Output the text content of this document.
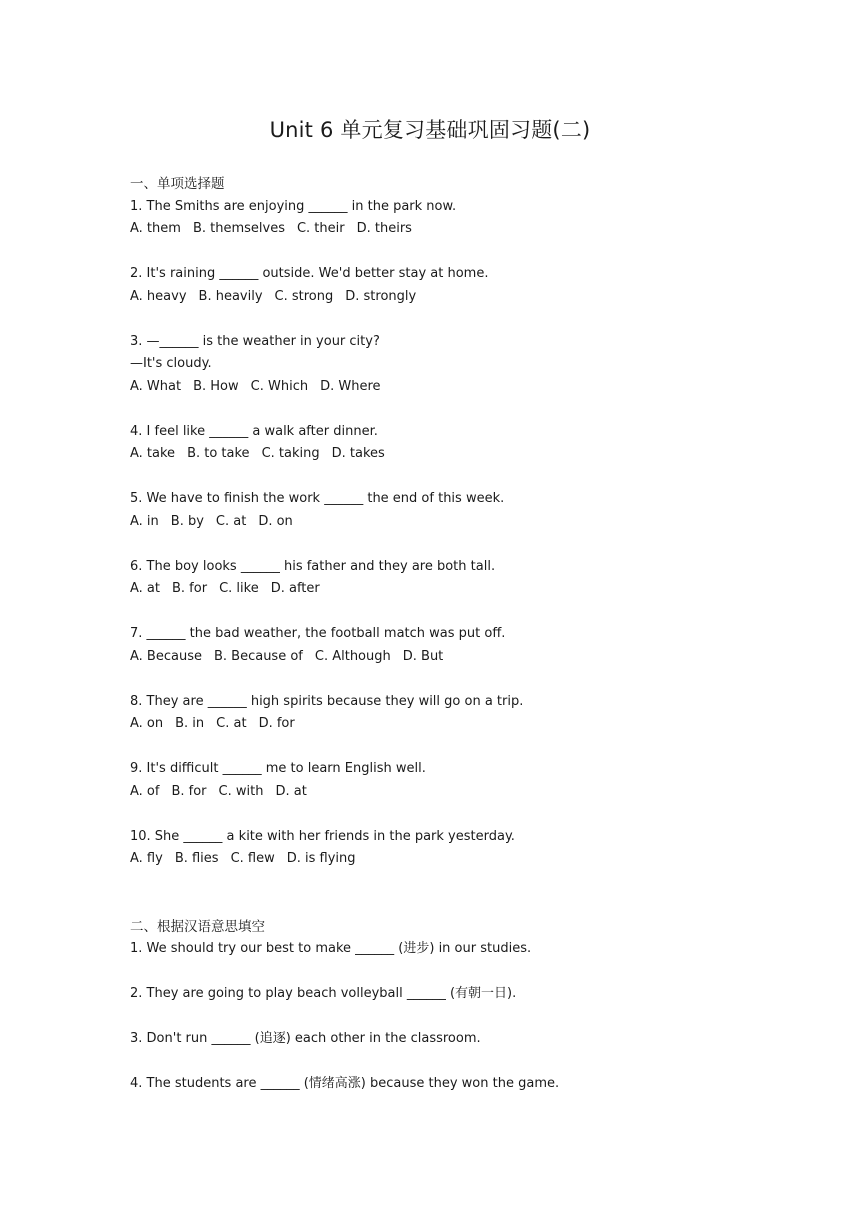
Unit 6 单元复习基础巩固习题(二)
一、单项选择题
1. The Smiths are enjoying ______ in the park now.
A. them B. themselves C. their D. theirs
2. It's raining ______ outside. We'd better stay at home.
A. heavy B. heavily C. strong D. strongly
3. —______ is the weather in your city?
—It's cloudy.
A. What B. How C. Which D. Where
4. I feel like ______ a walk after dinner.
A. take B. to take C. taking D. takes
5. We have to finish the work ______ the end of this week.
A. in B. by C. at D. on
6. The boy looks ______ his father and they are both tall.
A. at B. for C. like D. after
7. ______ the bad weather, the football match was put off.
A. Because B. Because of C. Although D. But
8. They are ______ high spirits because they will go on a trip.
A. on B. in C. at D. for
9. It's difficult ______ me to learn English well.
A. of B. for C. with D. at
10. She ______ a kite with her friends in the park yesterday.
A. fly B. flies C. flew D. is flying
二、根据汉语意思填空
1. We should try our best to make ______ (进步) in our studies.
2. They are going to play beach volleyball ______ (有朝一日).
3. Don't run ______ (追逐) each other in the classroom.
4. The students are ______ (情绪高涨) because they won the game.
